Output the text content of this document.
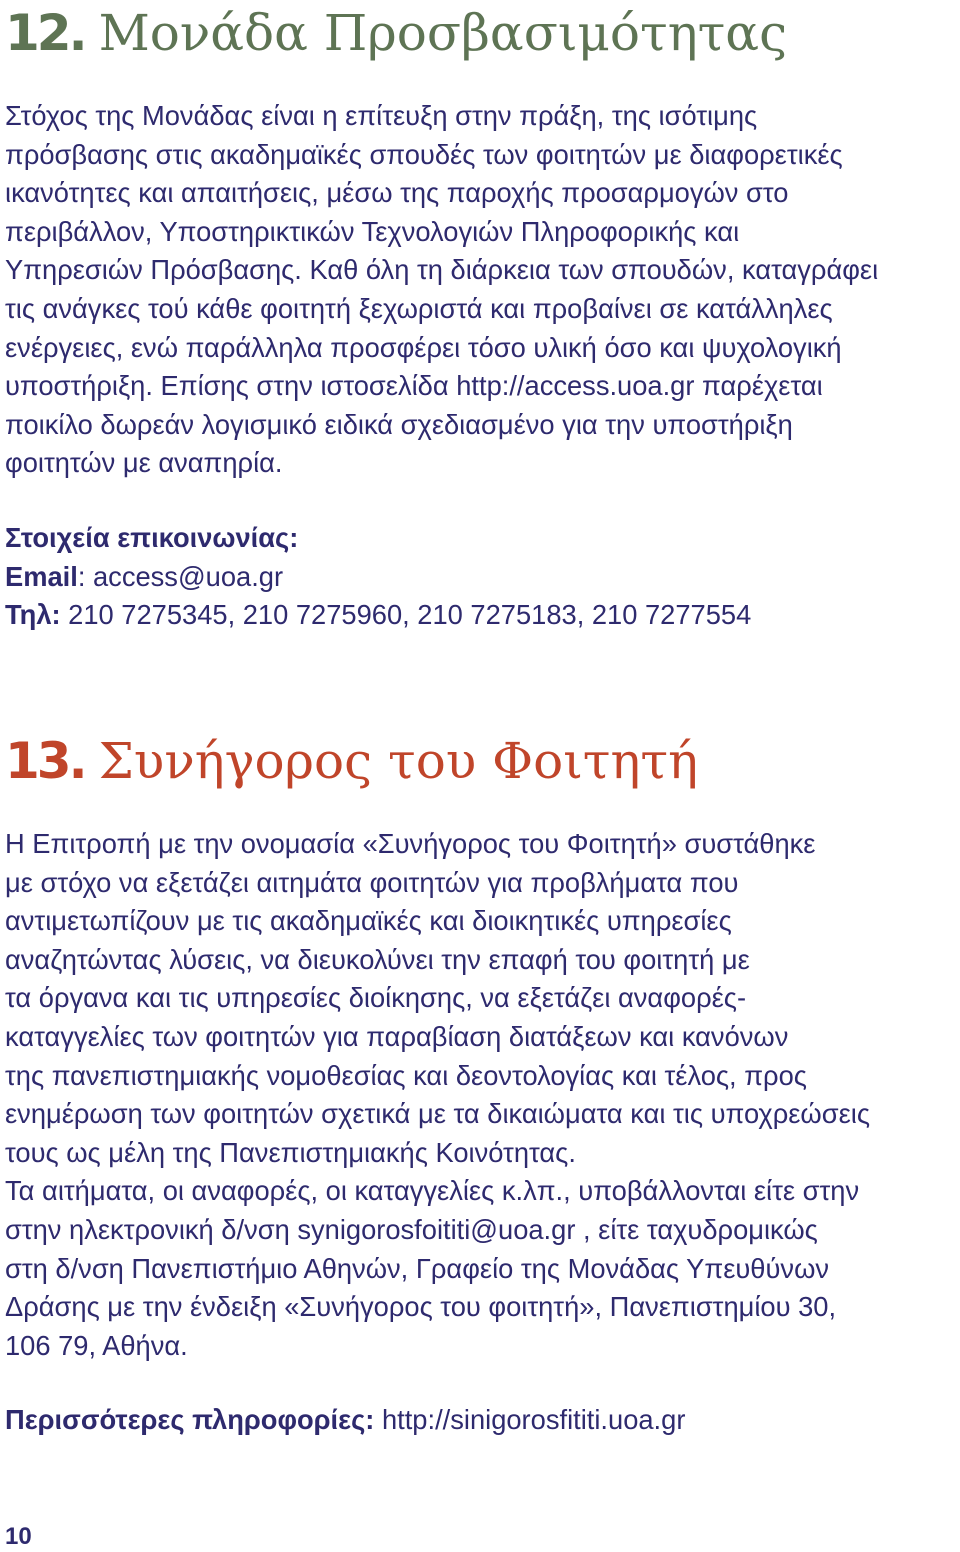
12. Μονάδα Προσβασιμότητας

Στόχος της Μονάδας είναι η επίτευξη στην πράξη, της ισότιμης
πρόσβασης στις ακαδημαϊκές σπουδές των φοιτητών με διαφορετικές
ικανότητες και απαιτήσεις, μέσω της παροχής προσαρμογών στο
περιβάλλον, Υποστηρικτικών Τεχνολογιών Πληροφορικής και
Υπηρεσιών Πρόσβασης. Καθ όλη τη διάρκεια των σπουδών, καταγράφει
τις ανάγκες τού κάθε φοιτητή ξεχωριστά και προβαίνει σε κατάλληλες
ενέργειες, ενώ παράλληλα προσφέρει τόσο υλική όσο και ψυχολογική
υποστήριξη. Επίσης στην ιστοσελίδα http://access.uoa.gr παρέχεται
ποικίλο δωρεάν λογισμικό ειδικά σχεδιασμένο για την υποστήριξη
φοιτητών με αναπηρία.

Στοιχεία επικοινωνίας:
Email: access@uoa.gr
Τηλ: 210 7275345, 210 7275960, 210 7275183, 210 7277554
13. Συνήγορος του Φοιτητή

Η Επιτροπή με την ονομασία «Συνήγορος του Φοιτητή» συστάθηκε
με στόχο να εξετάζει αιτημάτα φοιτητών για προβλήματα που
αντιμετωπίζουν με τις ακαδημαϊκές και διοικητικές υπηρεσίες
αναζητώντας λύσεις, να διευκολύνει την επαφή του φοιτητή με
τα όργανα και τις υπηρεσίες διοίκησης, να εξετάζει αναφορές-
καταγγελίες των φοιτητών για παραβίαση διατάξεων και κανόνων
της πανεπιστημιακής νομοθεσίας και δεοντολογίας και τέλος, προς
ενημέρωση των φοιτητών σχετικά με τα δικαιώματα και τις υποχρεώσεις
τους ως μέλη της Πανεπιστημιακής Κοινότητας.
Τα αιτήματα, οι αναφορές, οι καταγγελίες κ.λπ., υποβάλλονται είτε στην
στην ηλεκτρονική δ/νση synigorosfoititi@uoa.gr , είτε ταχυδρομικώς
στη δ/νση Πανεπιστήμιο Αθηνών, Γραφείο της Μονάδας Υπευθύνων
Δράσης με την ένδειξη «Συνήγορος του φοιτητή», Πανεπιστημίου 30,
106 79, Αθήνα.

Περισσότερες πληροφορίες: http://sinigorosfititi.uoa.gr

10
